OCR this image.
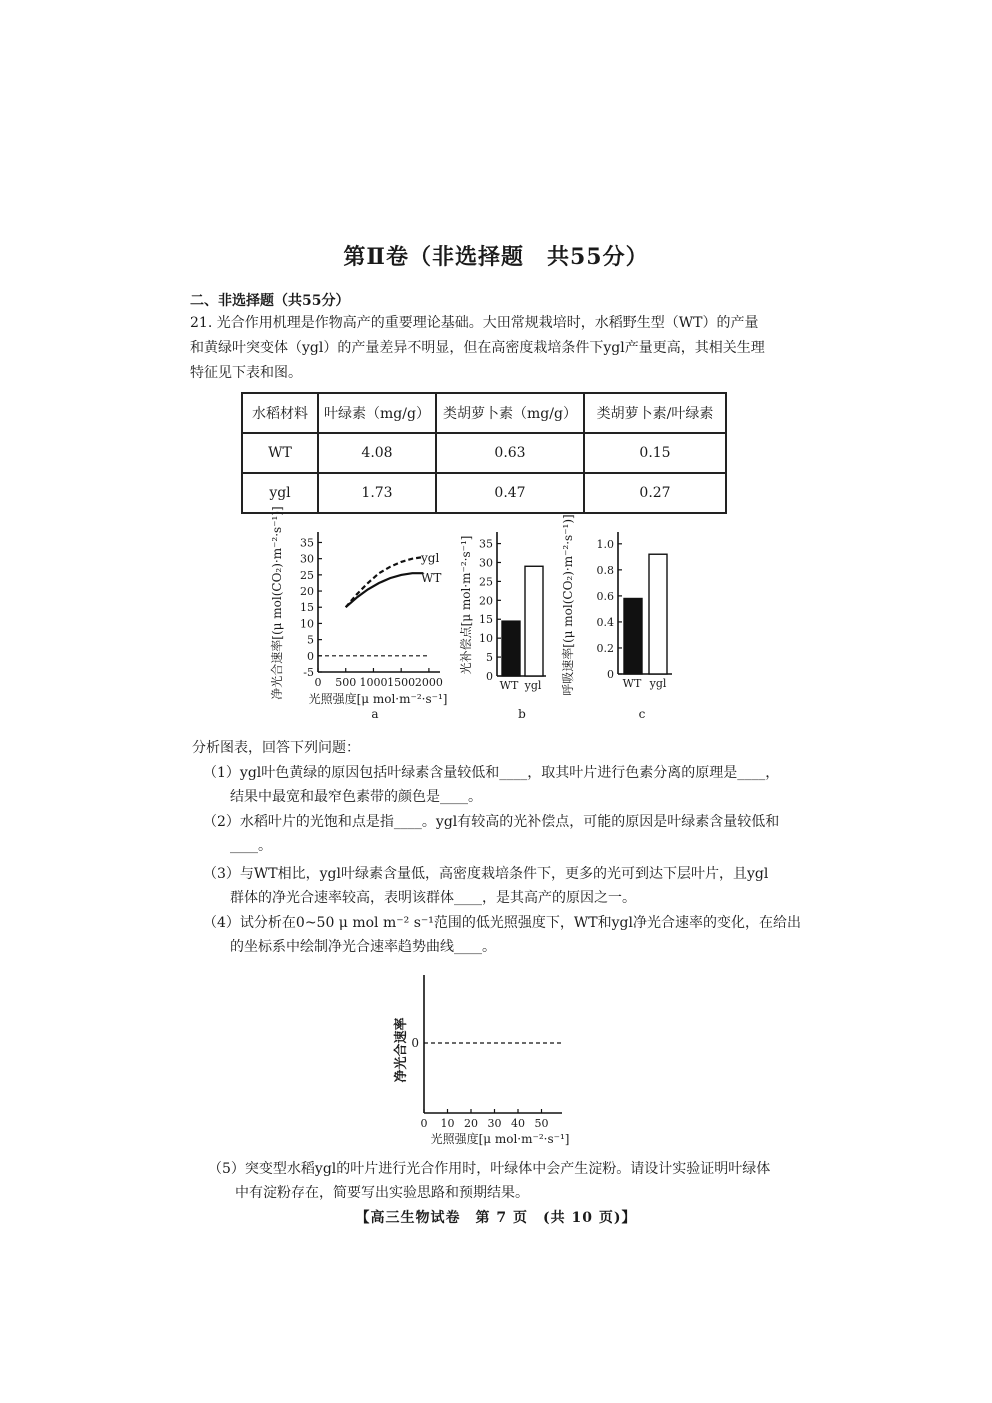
第Ⅱ卷（非选择题　共55分）
二、非选择题（共55分）
21. 光合作用机理是作物高产的重要理论基础。大田常规栽培时，水稻野生型（WT）的产量
和黄绿叶突变体（ygl）的产量差异不明显，但在高密度栽培条件下ygl产量更高，其相关生理
特征见下表和图。
水稻材料	叶绿素（mg/g）	类胡萝卜素（mg/g）	类胡萝卜素/叶绿素
WT	4.08	0.63	0.15
ygl	1.73	0.47	0.27
-5
0
5
10
15
20
25
30
35
0 500 1000 1500 2000
ygl
WT
光照强度[μ mol·m⁻²·s⁻¹]
a
净光合速率[(μ mol(CO₂)·m⁻²·s⁻¹)]	0
5
10
15
20
25
30
35
WT ygl
b
光补偿点[μ mol·m⁻²·s⁻¹]
0
0.2
0.4
0.6
0.8
1.0
WT ygl
c
呼吸速率[(μ mol(CO₂)·m⁻²·s⁻¹)]
0
0 10 20 30 40 50
光照强度[μ mol·m⁻²·s⁻¹]
净光合速率
分析图表，回答下列问题：
（1）ygl叶色黄绿的原因包括叶绿素含量较低和____，取其叶片进行色素分离的原理是____，
结果中最宽和最窄色素带的颜色是____。
（2）水稻叶片的光饱和点是指____。ygl有较高的光补偿点，可能的原因是叶绿素含量较低和
____。
（3）与WT相比，ygl叶绿素含量低，高密度栽培条件下，更多的光可到达下层叶片，且ygl
群体的净光合速率较高，表明该群体____，是其高产的原因之一。
（4）试分析在0~50 μ mol m⁻² s⁻¹范围的低光照强度下，WT和ygl净光合速率的变化，在给出
的坐标系中绘制净光合速率趋势曲线____。
（5）突变型水稻ygl的叶片进行光合作用时，叶绿体中会产生淀粉。请设计实验证明叶绿体
中有淀粉存在，简要写出实验思路和预期结果。
【高三生物试卷　第 7 页　(共 10 页)】
